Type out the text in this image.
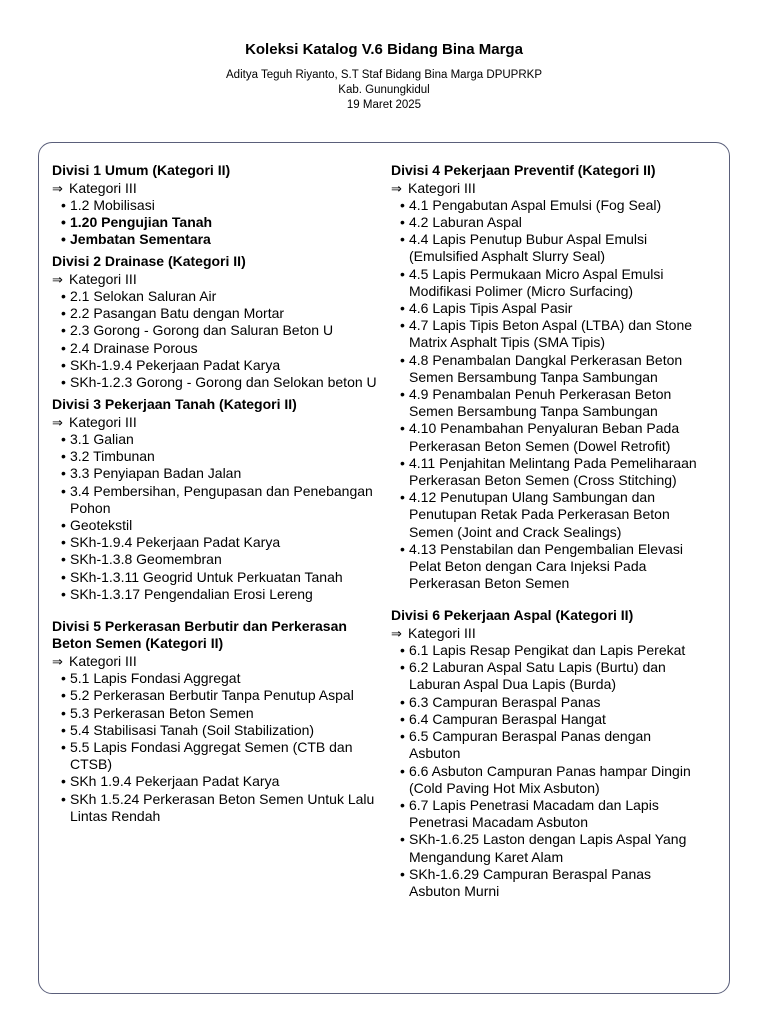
Koleksi Katalog V.6 Bidang Bina Marga
Aditya Teguh Riyanto, S.T Staf Bidang Bina Marga DPUPRKP
Kab. Gunungkidul
19 Maret 2025
Divisi 1 Umum (Kategori II)
⇒ Kategori III
• 1.2 Mobilisasi
• 1.20 Pengujian Tanah
• Jembatan Sementara
Divisi 2 Drainase (Kategori II)
⇒ Kategori III
• 2.1 Selokan Saluran Air
• 2.2 Pasangan Batu dengan Mortar
• 2.3 Gorong - Gorong dan Saluran Beton U
• 2.4 Drainase Porous
• SKh-1.9.4 Pekerjaan Padat Karya
• SKh-1.2.3 Gorong - Gorong dan Selokan beton U
Divisi 3 Pekerjaan Tanah (Kategori II)
⇒ Kategori III
• 3.1 Galian
• 3.2 Timbunan
• 3.3 Penyiapan Badan Jalan
• 3.4 Pembersihan, Pengupasan dan Penebangan Pohon
• Geotekstil
• SKh-1.9.4 Pekerjaan Padat Karya
• SKh-1.3.8 Geomembran
• SKh-1.3.11 Geogrid Untuk Perkuatan Tanah
• SKh-1.3.17 Pengendalian Erosi Lereng
Divisi 5 Perkerasan Berbutir dan Perkerasan Beton Semen (Kategori II)
⇒ Kategori III
• 5.1 Lapis Fondasi Aggregat
• 5.2 Perkerasan Berbutir Tanpa Penutup Aspal
• 5.3 Perkerasan Beton Semen
• 5.4 Stabilisasi Tanah (Soil Stabilization)
• 5.5 Lapis Fondasi Aggregat Semen (CTB dan CTSB)
• SKh 1.9.4 Pekerjaan Padat Karya
• SKh 1.5.24 Perkerasan Beton Semen Untuk Lalu Lintas Rendah
Divisi 4 Pekerjaan Preventif (Kategori II)
⇒ Kategori III
• 4.1 Pengabutan Aspal Emulsi (Fog Seal)
• 4.2 Laburan Aspal
• 4.4 Lapis Penutup Bubur Aspal Emulsi (Emulsified Asphalt Slurry Seal)
• 4.5 Lapis Permukaan Micro Aspal Emulsi Modifikasi Polimer (Micro Surfacing)
• 4.6 Lapis Tipis Aspal Pasir
• 4.7 Lapis Tipis Beton Aspal (LTBA) dan Stone Matrix Asphalt Tipis (SMA Tipis)
• 4.8 Penambalan Dangkal Perkerasan Beton Semen Bersambung Tanpa Sambungan
• 4.9 Penambalan Penuh Perkerasan Beton Semen Bersambung Tanpa Sambungan
• 4.10 Penambahan Penyaluran Beban Pada Perkerasan Beton Semen (Dowel Retrofit)
• 4.11 Penjahitan Melintang Pada Pemeliharaan Perkerasan Beton Semen (Cross Stitching)
• 4.12 Penutupan Ulang Sambungan dan Penutupan Retak Pada Perkerasan Beton Semen (Joint and Crack Sealings)
• 4.13 Penstabilan dan Pengembalian Elevasi Pelat Beton dengan Cara Injeksi Pada Perkerasan Beton Semen
Divisi 6 Pekerjaan Aspal (Kategori II)
⇒ Kategori III
• 6.1 Lapis Resap Pengikat dan Lapis Perekat
• 6.2 Laburan Aspal Satu Lapis (Burtu) dan Laburan Aspal Dua Lapis (Burda)
• 6.3 Campuran Beraspal Panas
• 6.4 Campuran Beraspal Hangat
• 6.5 Campuran Beraspal Panas dengan Asbuton
• 6.6 Asbuton Campuran Panas hampar Dingin (Cold Paving Hot Mix Asbuton)
• 6.7 Lapis Penetrasi Macadam dan Lapis Penetrasi Macadam Asbuton
• SKh-1.6.25 Laston dengan Lapis Aspal Yang Mengandung Karet Alam
• SKh-1.6.29 Campuran Beraspal Panas Asbuton Murni
